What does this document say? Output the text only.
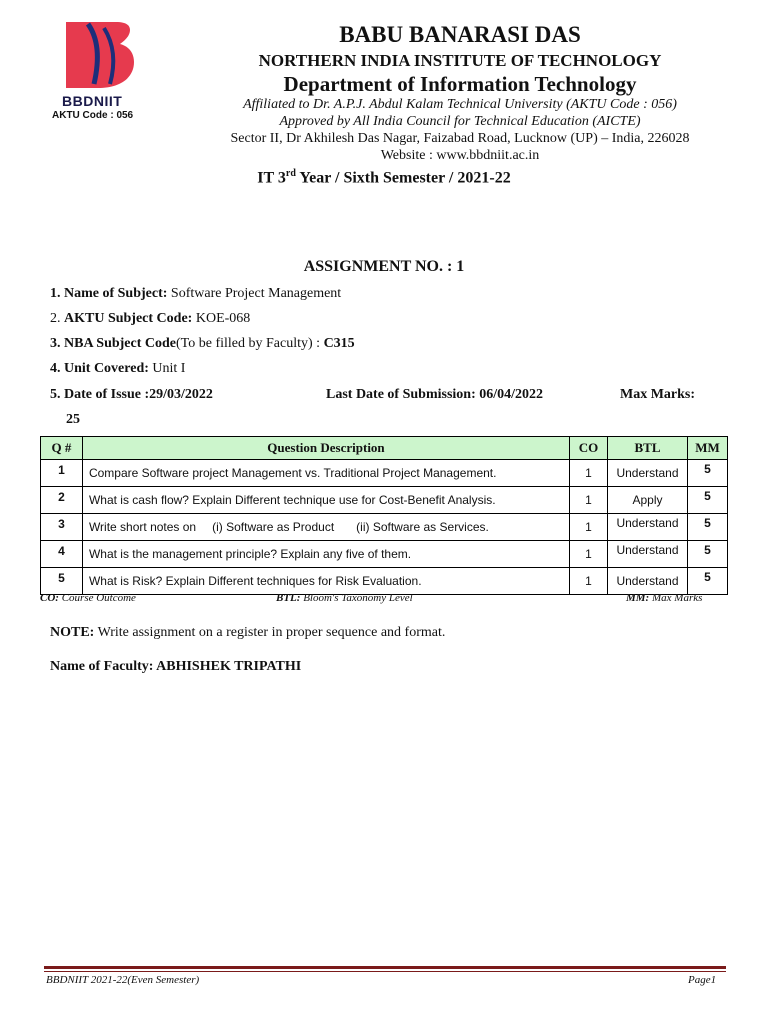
BBDNIIT
AKTU Code : 056
BABU BANARASI DAS
NORTHERN INDIA INSTITUTE OF TECHNOLOGY
Department of Information Technology
Affiliated to Dr. A.P.J. Abdul Kalam Technical University (AKTU Code : 056)
Approved by All India Council for Technical Education (AICTE)
Sector II, Dr Akhilesh Das Nagar, Faizabad Road, Lucknow (UP) – India, 226028
Website : www.bbdniit.ac.in
IT 3rd Year / Sixth Semester / 2021-22
ASSIGNMENT NO. : 1
1. Name of Subject: Software Project Management
2. AKTU Subject Code: KOE-068
3. NBA Subject Code(To be filled by Faculty) : C315
4. Unit Covered: Unit I
5. Date of Issue :29/03/2022	Last Date of Submission: 06/04/2022	Max Marks:
25
Q #	Question Description	CO	BTL	MM
1	Compare Software project Management vs. Traditional Project Management.	1	Understand	5
2	What is cash flow? Explain Different technique use for Cost-Benefit Analysis.	1	Apply	5
3	Write short notes on (i) Software as Product (ii) Software as Services.	1	Understand	5
4	What is the management principle? Explain any five of them.	1	Understand	5
5	What is Risk? Explain Different techniques for Risk Evaluation.	1	Understand	5
CO: Course Outcome	BTL: Bloom's Taxonomy Level	MM: Max Marks
NOTE: Write assignment on a register in proper sequence and format.
Name of Faculty: ABHISHEK TRIPATHI
BBDNIIT 2021-22(Even Semester)	Page1
